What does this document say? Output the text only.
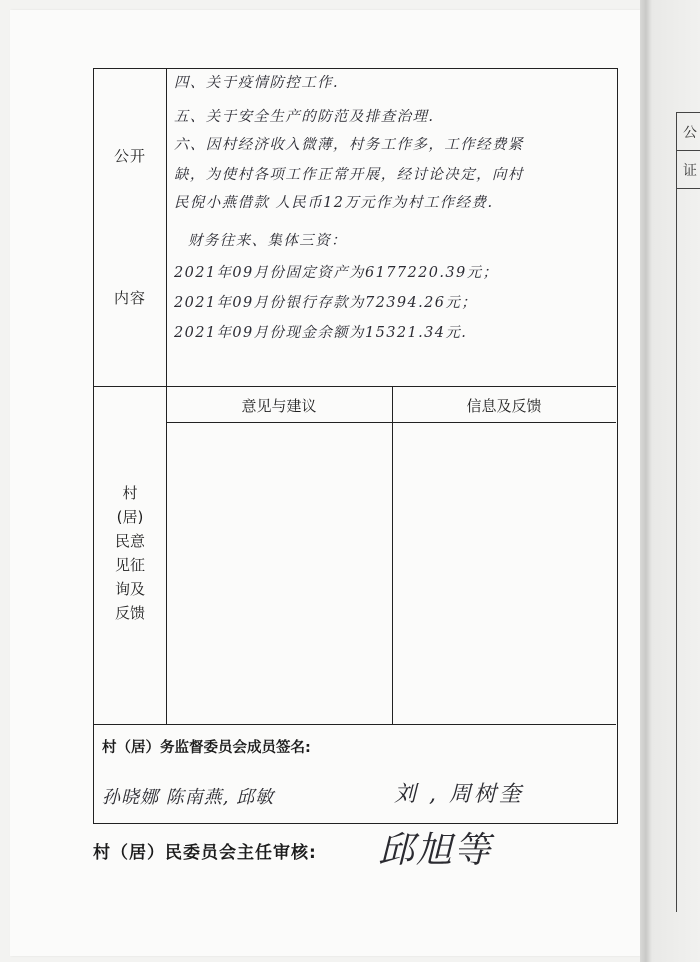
公
证
公开
内容
四、关于疫情防控工作.
五、关于安全生产的防范及排查治理.
六、因村经济收入微薄，村务工作多，工作经费紧
缺，为使村各项工作正常开展，经讨论决定，向村
民倪小燕借款 人民币12万元作为村工作经费.
财务往来、集体三资：
2021年09月份固定资产为6177220.39元；
2021年09月份银行存款为72394.26元；
2021年09月份现金余额为15321.34元.
意见与建议	信息及反馈
村
(居)
民意
见征
询及
反馈
村（居）务监督委员会成员签名:
孙晓娜 陈南燕, 邱敏	刘 , 周树奎
村（居）民委员会主任审核: 邱旭等
